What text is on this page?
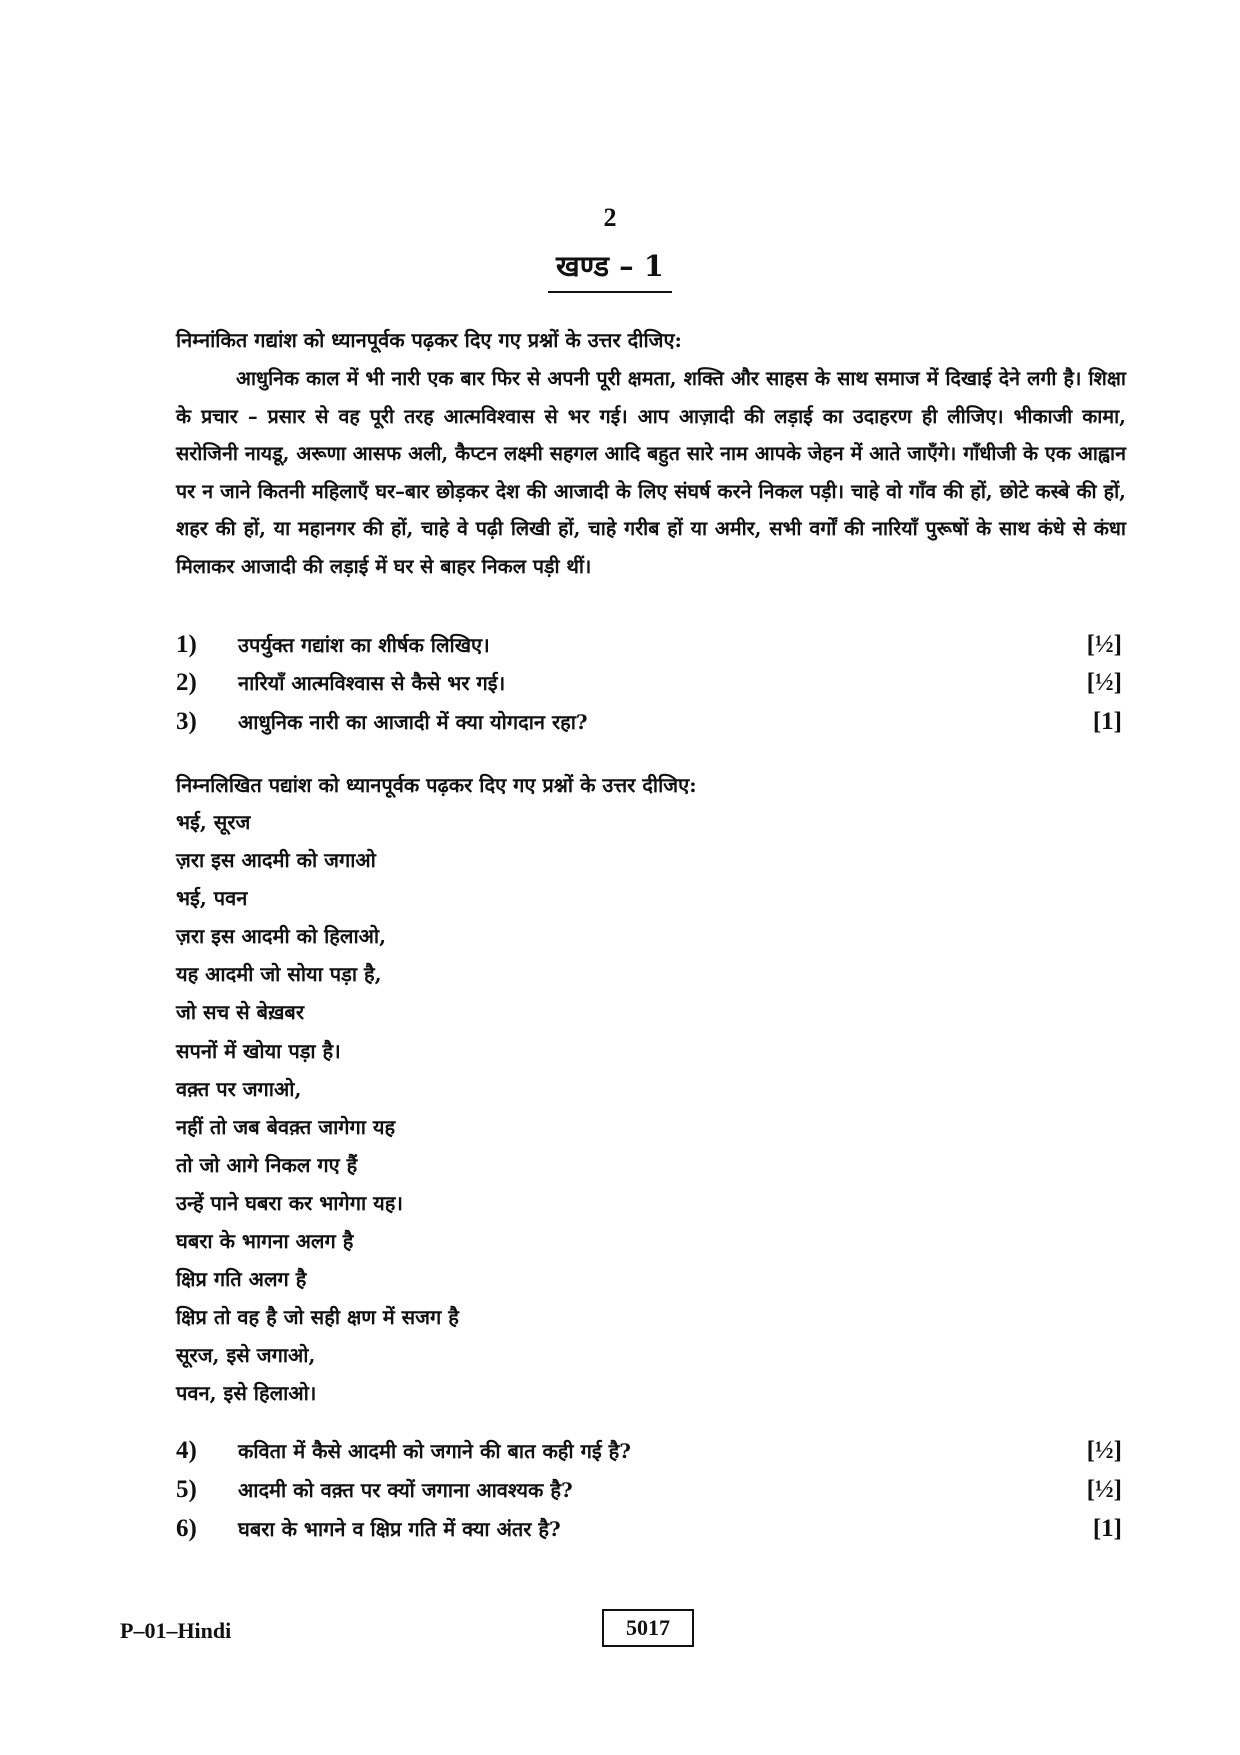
2
खण्ड – 1
निम्नांकित गद्यांश को ध्यानपूर्वक पढ़कर दिए गए प्रश्नों के उत्तर दीजिए:
आधुनिक काल में भी नारी एक बार फिर से अपनी पूरी क्षमता, शक्ति और साहस के साथ समाज में दिखाई देने लगी है। शिक्षा के प्रचार – प्रसार से वह पूरी तरह आत्मविश्वास से भर गई। आप आज़ादी की लड़ाई का उदाहरण ही लीजिए। भीकाजी कामा, सरोजिनी नायडू, अरूणा आसफ अली, कैप्टन लक्ष्मी सहगल आदि बहुत सारे नाम आपके जेहन में आते जाएँगे। गाँधीजी के एक आह्वान पर न जाने कितनी महिलाएँ घर–बार छोड़कर देश की आजादी के लिए संघर्ष करने निकल पड़ी। चाहे वो गाँव की हों, छोटे कस्बे की हों, शहर की हों, या महानगर की हों, चाहे वे पढ़ी लिखी हों, चाहे गरीब हों या अमीर, सभी वर्गों की नारियाँ पुरूषों के साथ कंधे से कंधा मिलाकर आजादी की लड़ाई में घर से बाहर निकल पड़ी थीं।
1) उपर्युक्त गद्यांश का शीर्षक लिखिए।	[½]
2) नारियाँ आत्मविश्वास से कैसे भर गई।	[½]
3) आधुनिक नारी का आजादी में क्या योगदान रहा?	[1]
निम्नलिखित पद्यांश को ध्यानपूर्वक पढ़कर दिए गए प्रश्नों के उत्तर दीजिए:
भई, सूरज
ज़रा इस आदमी को जगाओ
भई, पवन
ज़रा इस आदमी को हिलाओ,
यह आदमी जो सोया पड़ा है,
जो सच से बेख़बर
सपनों में खोया पड़ा है।
वक़्त पर जगाओ,
नहीं तो जब बेवक़्त जागेगा यह
तो जो आगे निकल गए हैं
उन्हें पाने घबरा कर भागेगा यह।
घबरा के भागना अलग है
क्षिप्र गति अलग है
क्षिप्र तो वह है जो सही क्षण में सजग है
सूरज, इसे जगाओ,
पवन, इसे हिलाओ।
4) कविता में कैसे आदमी को जगाने की बात कही गई है?	[½]
5) आदमी को वक़्त पर क्यों जगाना आवश्यक है?	[½]
6) घबरा के भागने व क्षिप्र गति में क्या अंतर है?	[1]
P–01–Hindi	5017
